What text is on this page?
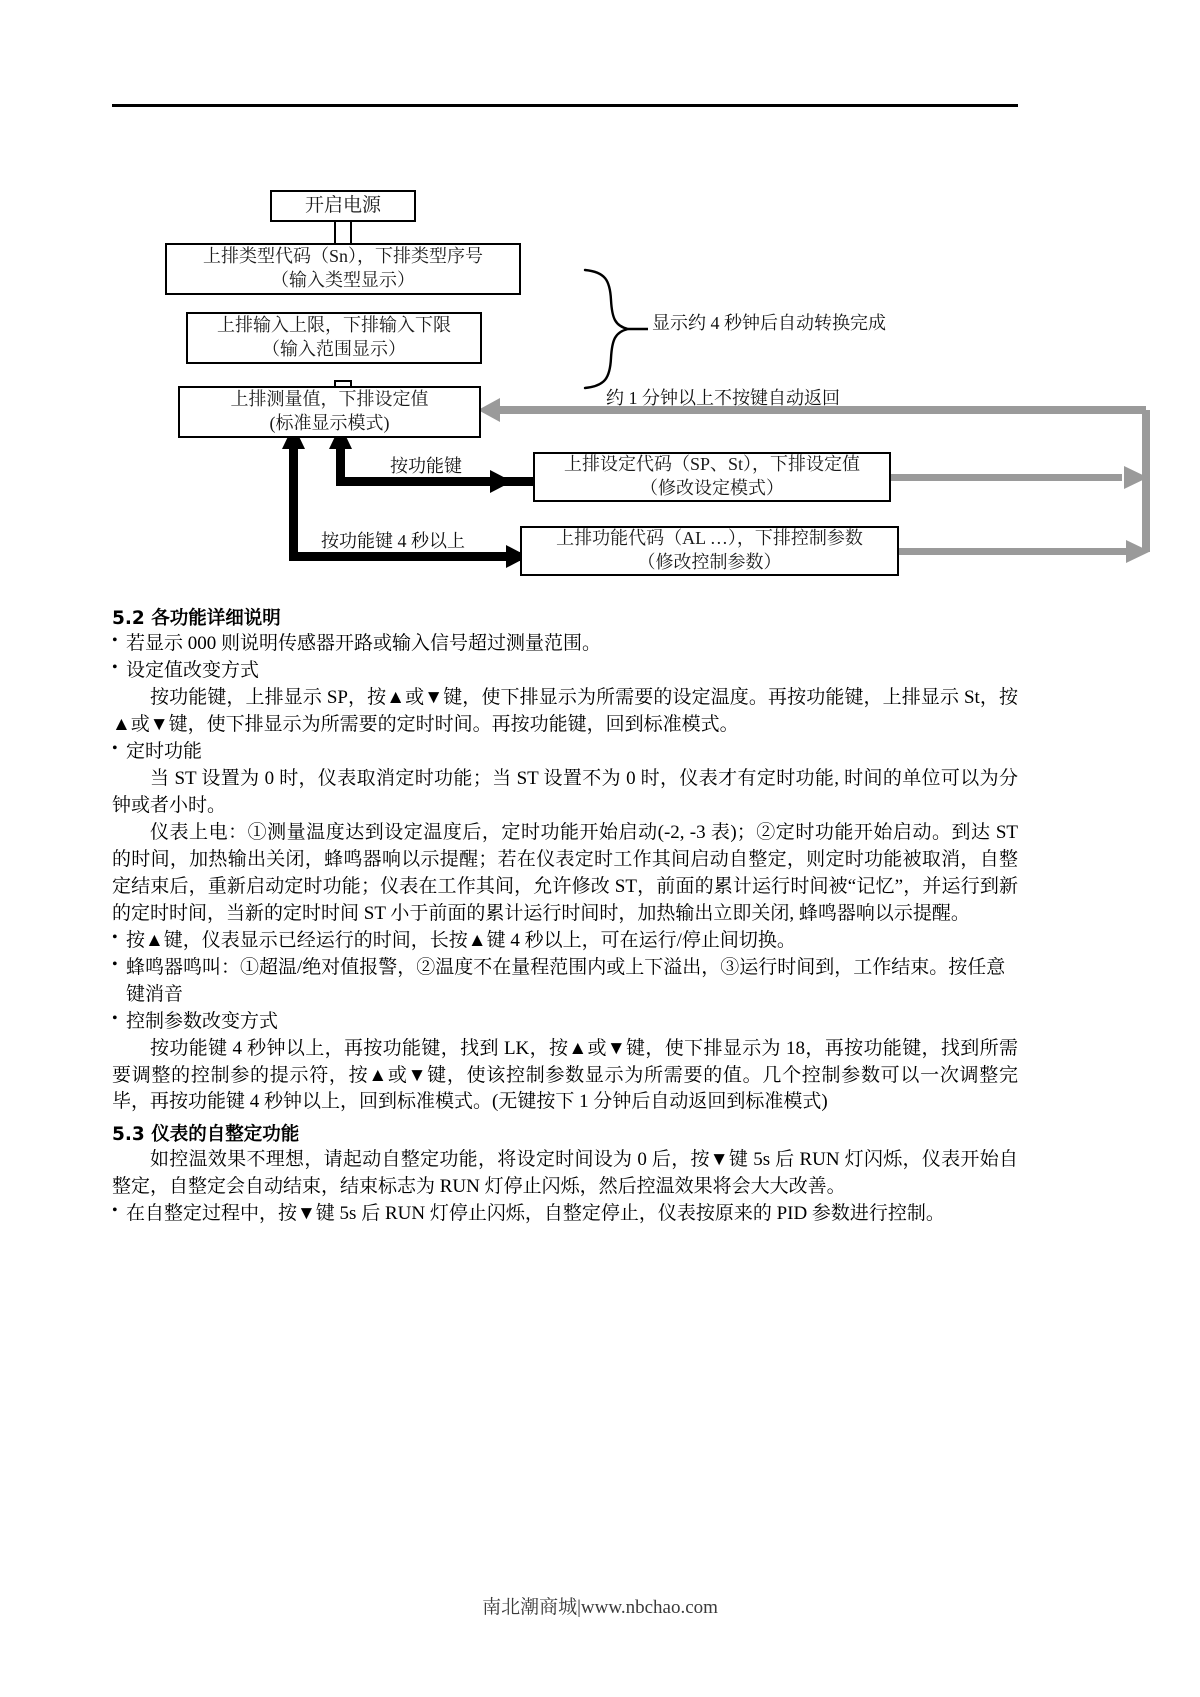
开启电源
上排类型代码（Sn），下排类型序号
（输入类型显示）
上排输入上限，下排输入下限
（输入范围显示）
上排测量值，下排设定值
(标准显示模式)
上排设定代码（SP、St），下排设定值
（修改设定模式）
上排功能代码（AL …），下排控制参数
（修改控制参数）
显示约 4 秒钟后自动转换完成
约 1 分钟以上不按键自动返回
按功能键
按功能键 4 秒以上
5.2 各功能详细说明
• 若显示 000 则说明传感器开路或输入信号超过测量范围。
• 设定值改变方式
按功能键，上排显示 SP，按▲或▼键，使下排显示为所需要的设定温度。再按功能键，上排显示 St，按▲或▼键，使下排显示为所需要的定时时间。再按功能键，回到标准模式。
• 定时功能
当 ST 设置为 0 时，仪表取消定时功能；当 ST 设置不为 0 时，仪表才有定时功能, 时间的单位可以为分钟或者小时。
仪表上电：①测量温度达到设定温度后，定时功能开始启动(-2, -3 表)；②定时功能开始启动。到达 ST 的时间，加热输出关闭，蜂鸣器响以示提醒；若在仪表定时工作其间启动自整定，则定时功能被取消，自整定结束后，重新启动定时功能；仪表在工作其间，允许修改 ST，前面的累计运行时间被“记忆”，并运行到新的定时时间，当新的定时时间 ST 小于前面的累计运行时间时，加热输出立即关闭, 蜂鸣器响以示提醒。
• 按▲键，仪表显示已经运行的时间，长按▲键 4 秒以上，可在运行/停止间切换。
• 蜂鸣器鸣叫：①超温/绝对值报警，②温度不在量程范围内或上下溢出，③运行时间到，工作结束。按任意键消音
• 控制参数改变方式
按功能键 4 秒钟以上，再按功能键，找到 LK，按▲或▼键，使下排显示为 18，再按功能键，找到所需要调整的控制参的提示符，按▲或▼键，使该控制参数显示为所需要的值。几个控制参数可以一次调整完毕，再按功能键 4 秒钟以上，回到标准模式。(无键按下 1 分钟后自动返回到标准模式)
5.3 仪表的自整定功能
如控温效果不理想，请起动自整定功能，将设定时间设为 0 后，按▼键 5s 后 RUN 灯闪烁，仪表开始自整定，自整定会自动结束，结束标志为 RUN 灯停止闪烁，然后控温效果将会大大改善。
• 在自整定过程中，按▼键 5s 后 RUN 灯停止闪烁，自整定停止，仪表按原来的 PID 参数进行控制。
南北潮商城|www.nbchao.com
